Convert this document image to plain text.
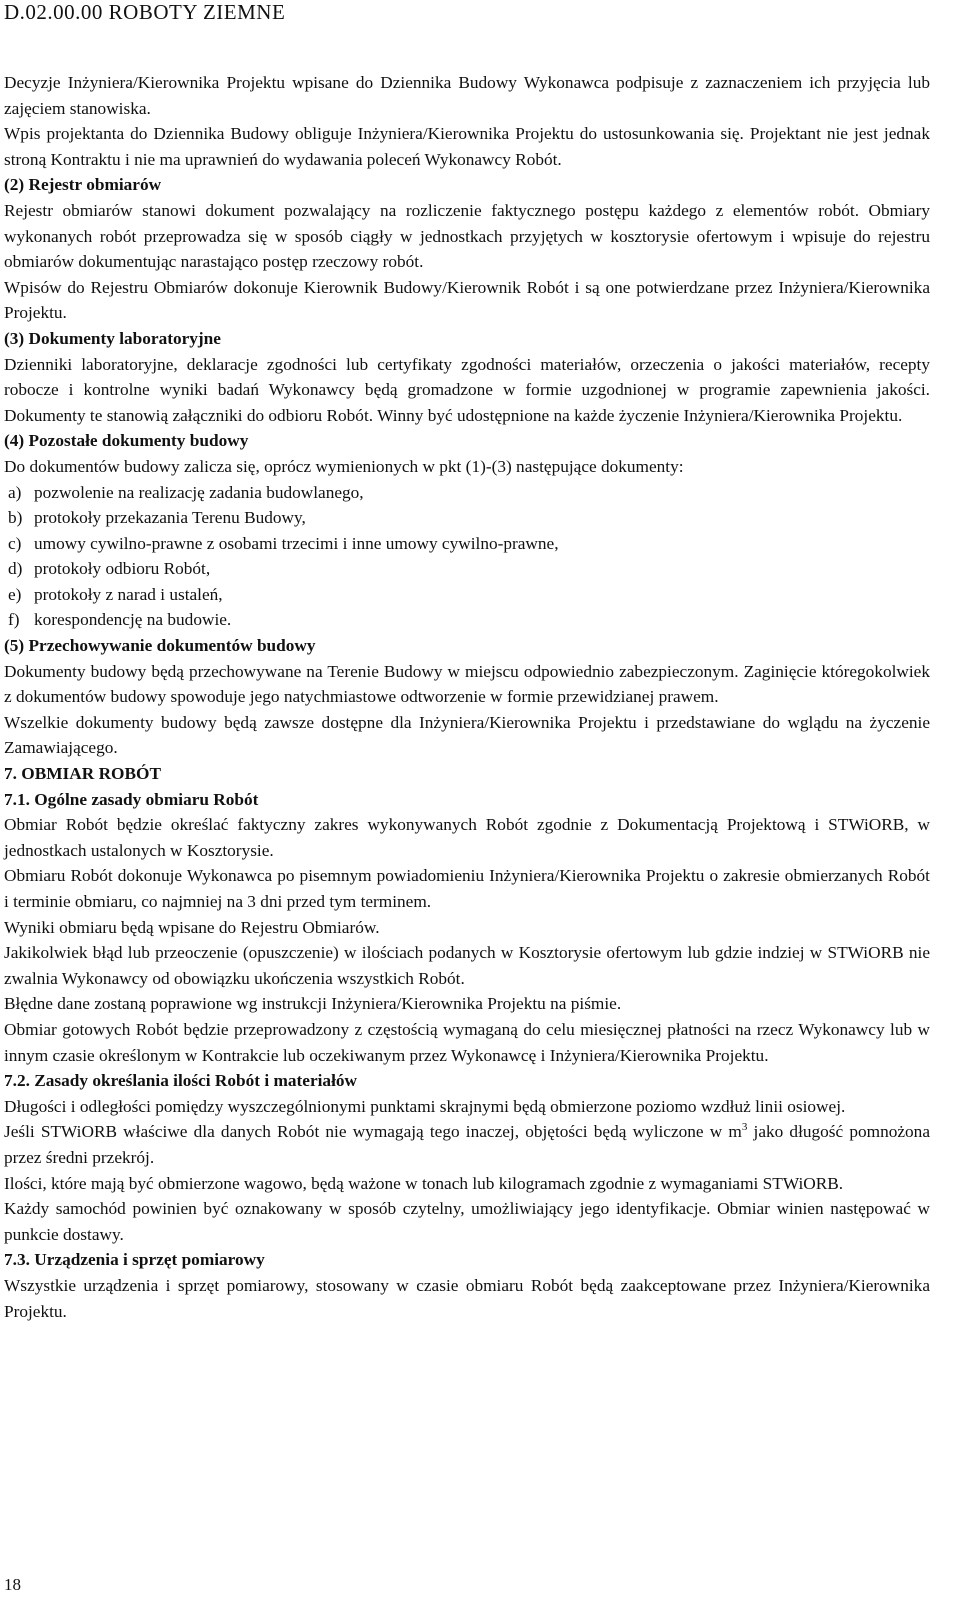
D.02.00.00 ROBOTY ZIEMNE

Decyzje Inżyniera/Kierownika Projektu wpisane do Dziennika Budowy Wykonawca podpisuje z zaznaczeniem ich przyjęcia lub zajęciem stanowiska.

Wpis projektanta do Dziennika Budowy obliguje Inżyniera/Kierownika Projektu do ustosunkowania się. Projektant nie jest jednak stroną Kontraktu i nie ma uprawnień do wydawania poleceń Wykonawcy Robót.

(2) Rejestr obmiarów

Rejestr obmiarów stanowi dokument pozwalający na rozliczenie faktycznego postępu każdego z elementów robót. Obmiary wykonanych robót przeprowadza się w sposób ciągły w jednostkach przyjętych w kosztorysie ofertowym i wpisuje do rejestru obmiarów dokumentując narastająco postęp rzeczowy robót.

Wpisów do Rejestru Obmiarów dokonuje Kierownik Budowy/Kierownik Robót i są one potwierdzane przez Inżyniera/Kierownika Projektu.

(3) Dokumenty laboratoryjne

Dzienniki laboratoryjne, deklaracje zgodności lub certyfikaty zgodności materiałów, orzeczenia o jakości materiałów, recepty robocze i kontrolne wyniki badań Wykonawcy będą gromadzone w formie uzgodnionej w programie zapewnienia jakości. Dokumenty te stanowią załączniki do odbioru Robót. Winny być udostępnione na każde życzenie Inżyniera/Kierownika Projektu.

(4) Pozostałe dokumenty budowy

Do dokumentów budowy zalicza się, oprócz wymienionych w pkt (1)-(3) następujące dokumenty:

a) pozwolenie na realizację zadania budowlanego,
b) protokoły przekazania Terenu Budowy,
c) umowy cywilno-prawne z osobami trzecimi i inne umowy cywilno-prawne,
d) protokoły odbioru Robót,
e) protokoły z narad i ustaleń,
f) korespondencję na budowie.

(5) Przechowywanie dokumentów budowy

Dokumenty budowy będą przechowywane na Terenie Budowy w miejscu odpowiednio zabezpieczonym. Zaginięcie któregokolwiek z dokumentów budowy spowoduje jego natychmiastowe odtworzenie w formie przewidzianej prawem.

Wszelkie dokumenty budowy będą zawsze dostępne dla Inżyniera/Kierownika Projektu i przedstawiane do wglądu na życzenie Zamawiającego.

7. OBMIAR ROBÓT

7.1. Ogólne zasady obmiaru Robót

Obmiar Robót będzie określać faktyczny zakres wykonywanych Robót zgodnie z Dokumentacją Projektową i STWiORB, w jednostkach ustalonych w Kosztorysie.

Obmiaru Robót dokonuje Wykonawca po pisemnym powiadomieniu Inżyniera/Kierownika Projektu o zakresie obmierzanych Robót i terminie obmiaru, co najmniej na 3 dni przed tym terminem.

Wyniki obmiaru będą wpisane do Rejestru Obmiarów.

Jakikolwiek błąd lub przeoczenie (opuszczenie) w ilościach podanych w Kosztorysie ofertowym lub gdzie indziej w STWiORB nie zwalnia Wykonawcy od obowiązku ukończenia wszystkich Robót.

Błędne dane zostaną poprawione wg instrukcji Inżyniera/Kierownika Projektu na piśmie.

Obmiar gotowych Robót będzie przeprowadzony z częstością wymaganą do celu miesięcznej płatności na rzecz Wykonawcy lub w innym czasie określonym w Kontrakcie lub oczekiwanym przez Wykonawcę i Inżyniera/Kierownika Projektu.

7.2. Zasady określania ilości Robót i materiałów

Długości i odległości pomiędzy wyszczególnionymi punktami skrajnymi będą obmierzone poziomo wzdłuż linii osiowej.

Jeśli STWiORB właściwe dla danych Robót nie wymagają tego inaczej, objętości będą wyliczone w $m^3$ jako długość pomnożona przez średni przekrój.

Ilości, które mają być obmierzone wagowo, będą ważone w tonach lub kilogramach zgodnie z wymaganiami STWiORB.

Każdy samochód powinien być oznakowany w sposób czytelny, umożliwiający jego identyfikacje. Obmiar winien następować w punkcie dostawy.

7.3. Urządzenia i sprzęt pomiarowy

Wszystkie urządzenia i sprzęt pomiarowy, stosowany w czasie obmiaru Robót będą zaakceptowane przez Inżyniera/Kierownika Projektu.

18
